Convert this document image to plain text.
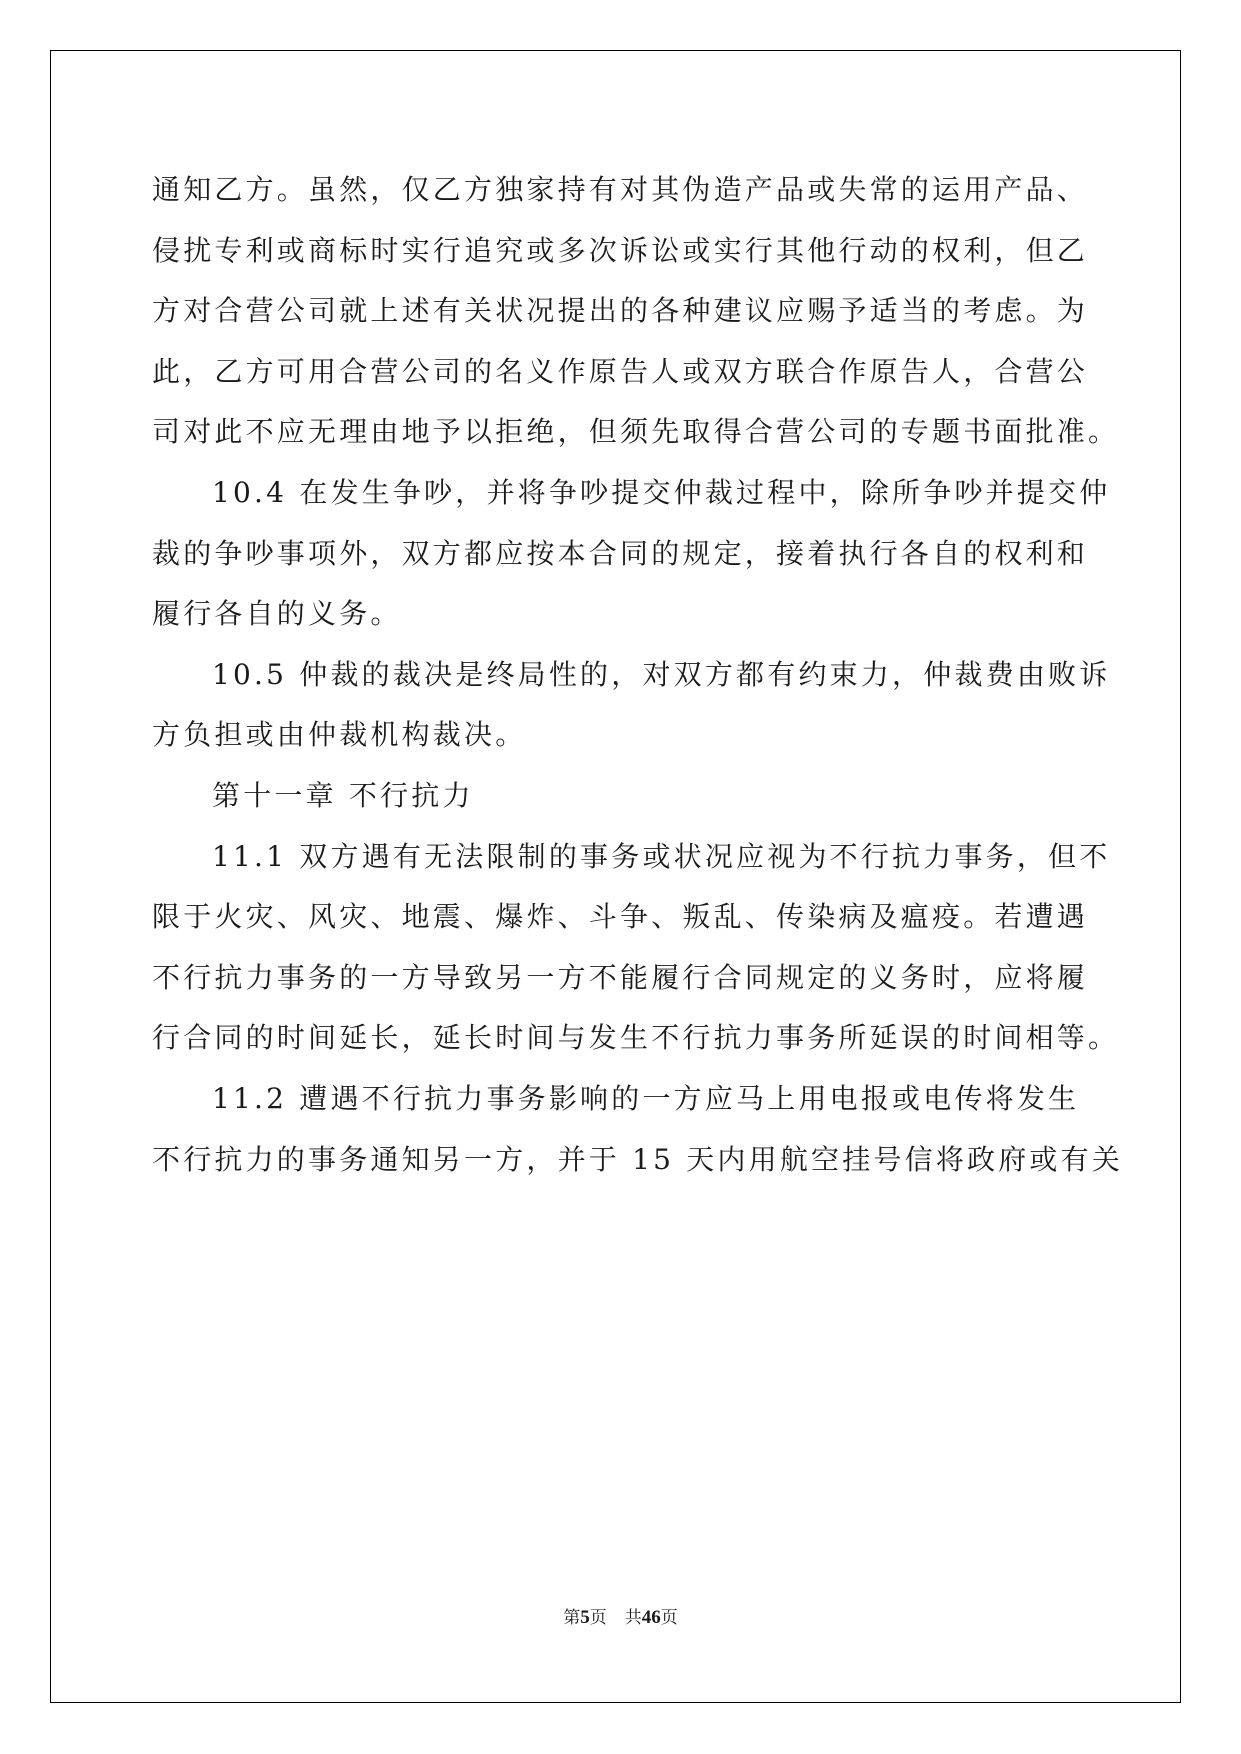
通知乙方。虽然，仅乙方独家持有对其伪造产品或失常的运用产品、
侵扰专利或商标时实行追究或多次诉讼或实行其他行动的权利，但乙
方对合营公司就上述有关状况提出的各种建议应赐予适当的考虑。为
此，乙方可用合营公司的名义作原告人或双方联合作原告人，合营公
司对此不应无理由地予以拒绝，但须先取得合营公司的专题书面批准。
10.4 在发生争吵，并将争吵提交仲裁过程中，除所争吵并提交仲
裁的争吵事项外，双方都应按本合同的规定，接着执行各自的权利和
履行各自的义务。
10.5 仲裁的裁决是终局性的，对双方都有约束力，仲裁费由败诉
方负担或由仲裁机构裁决。
第十一章 不行抗力
11.1 双方遇有无法限制的事务或状况应视为不行抗力事务，但不
限于火灾、风灾、地震、爆炸、斗争、叛乱、传染病及瘟疫。若遭遇
不行抗力事务的一方导致另一方不能履行合同规定的义务时，应将履
行合同的时间延长，延长时间与发生不行抗力事务所延误的时间相等。
11.2 遭遇不行抗力事务影响的一方应马上用电报或电传将发生
不行抗力的事务通知另一方，并于 15 天内用航空挂号信将政府或有关
第5页 共46页
